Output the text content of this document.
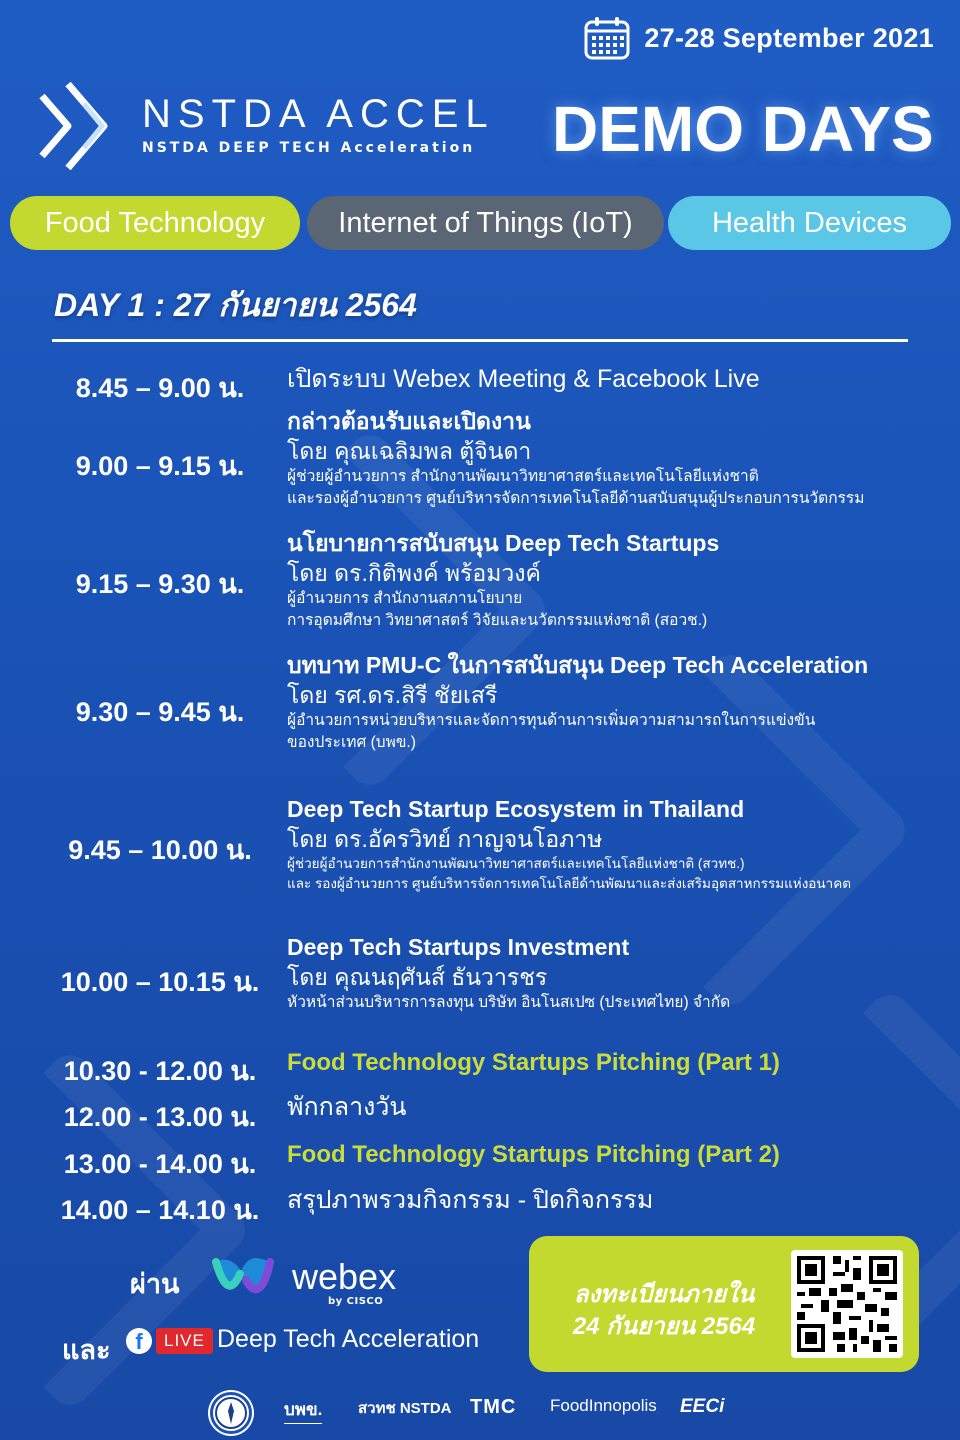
27-28 September 2021
NSTDA ACCEL
NSTDA DEEP TECH Acceleration DEMO DAYS
Food Technology	Internet of Things (IoT)	Health Devices
DAY 1 : 27 กันยายน 2564
8.45 – 9.00 น.	เปิดระบบ Webex Meeting & Facebook Live
9.00 – 9.15 น.
กล่าวต้อนรับและเปิดงาน
โดย คุณเฉลิมพล ตู้จินดา
ผู้ช่วยผู้อำนวยการ สำนักงานพัฒนาวิทยาศาสตร์และเทคโนโลยีแห่งชาติ
และรองผู้อำนวยการ ศูนย์บริหารจัดการเทคโนโลยีด้านสนับสนุนผู้ประกอบการนวัตกรรม
9.15 – 9.30 น.
นโยบายการสนับสนุน Deep Tech Startups
โดย ดร.กิติพงค์ พร้อมวงค์
ผู้อำนวยการ สำนักงานสภานโยบาย
การอุดมศึกษา วิทยาศาสตร์ วิจัยและนวัตกรรมแห่งชาติ (สอวช.)
9.30 – 9.45 น.
บทบาท PMU-C ในการสนับสนุน Deep Tech Acceleration
โดย รศ.ดร.สิรี ชัยเสรี
ผู้อำนวยการหน่วยบริหารและจัดการทุนด้านการเพิ่มความสามารถในการแข่งขัน
ของประเทศ (บพข.)
9.45 – 10.00 น.
Deep Tech Startup Ecosystem in Thailand
โดย ดร.อัครวิทย์ กาญจนโอภาษ
ผู้ช่วยผู้อำนวยการสำนักงานพัฒนาวิทยาศาสตร์และเทคโนโลยีแห่งชาติ (สวทช.)
และ รองผู้อำนวยการ ศูนย์บริหารจัดการเทคโนโลยีด้านพัฒนาและส่งเสริมอุตสาหกรรมแห่งอนาคต
10.00 – 10.15 น.
Deep Tech Startups Investment
โดย คุณนฤศันส์ ธันวารชร
หัวหน้าส่วนบริหารการลงทุน บริษัท อินโนสเปซ (ประเทศไทย) จำกัด
10.30 - 12.00 น.	Food Technology Startups Pitching (Part 1)
12.00 - 13.00 น.	พักกลางวัน
13.00 - 14.00 น.	Food Technology Startups Pitching (Part 2)
14.00 – 14.10 น.	สรุปภาพรวมกิจกรรม - ปิดกิจกรรม
ผ่าน	webex
by CISCO
และ	f	LIVE Deep Tech Acceleration
ลงทะเบียนภายใน
24 กันยายน 2564
บพข. สวทช NSTDA TMC FoodInnopolis EECi
